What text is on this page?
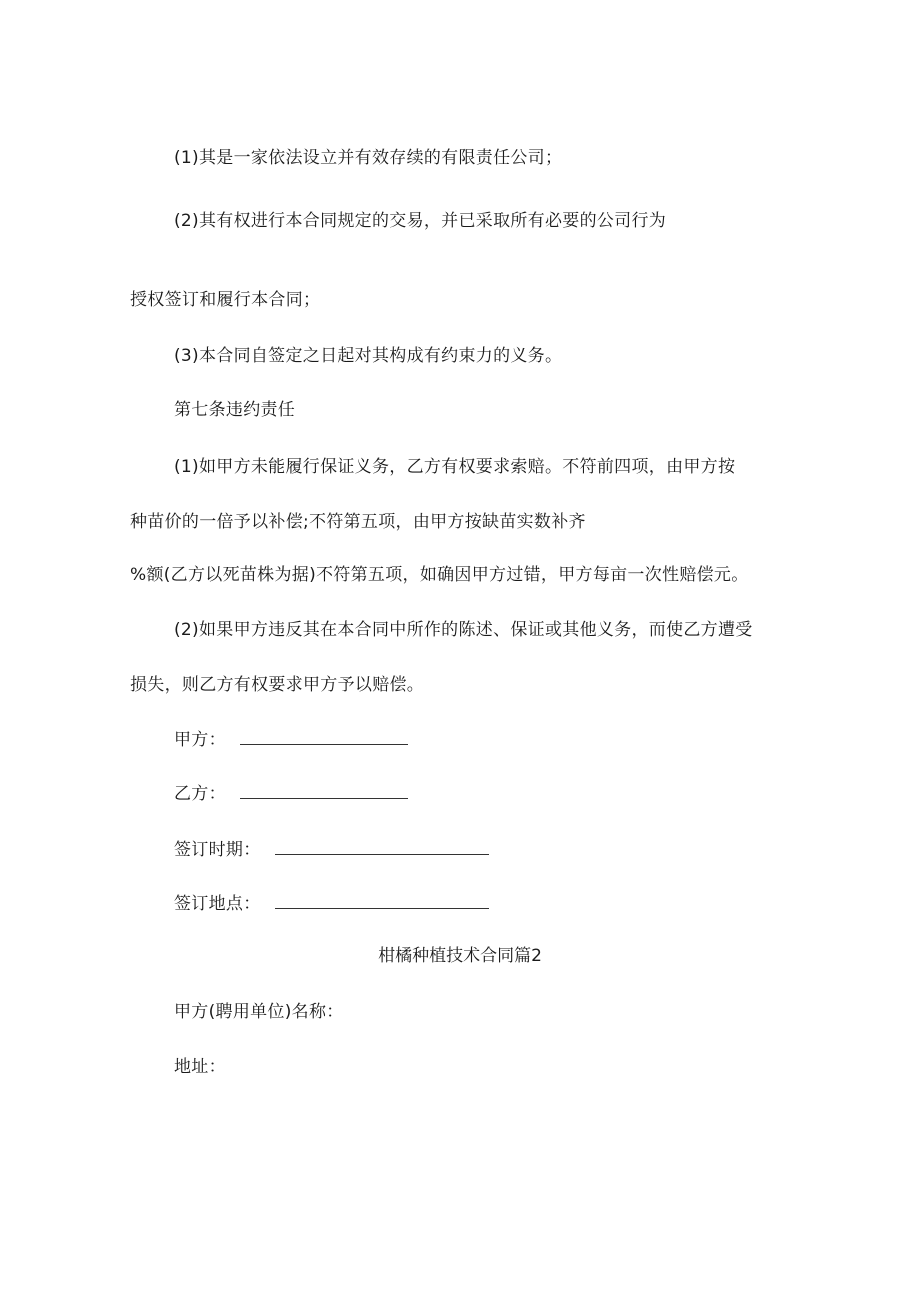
(1)其是一家依法设立并有效存续的有限责任公司；
(2)其有权进行本合同规定的交易，并已采取所有必要的公司行为
授权签订和履行本合同；
(3)本合同自签定之日起对其构成有约束力的义务。
第七条违约责任
(1)如甲方未能履行保证义务，乙方有权要求索赔。不符前四项，由甲方按
种苗价的一倍予以补偿;不符第五项，由甲方按缺苗实数补齐
%额(乙方以死苗株为据)不符第五项，如确因甲方过错，甲方每亩一次性赔偿元。
(2)如果甲方违反其在本合同中所作的陈述、保证或其他义务，而使乙方遭受
损失，则乙方有权要求甲方予以赔偿。
甲方：
乙方：
签订时期：
签订地点：
柑橘种植技术合同篇2
甲方(聘用单位)名称：
地址：
